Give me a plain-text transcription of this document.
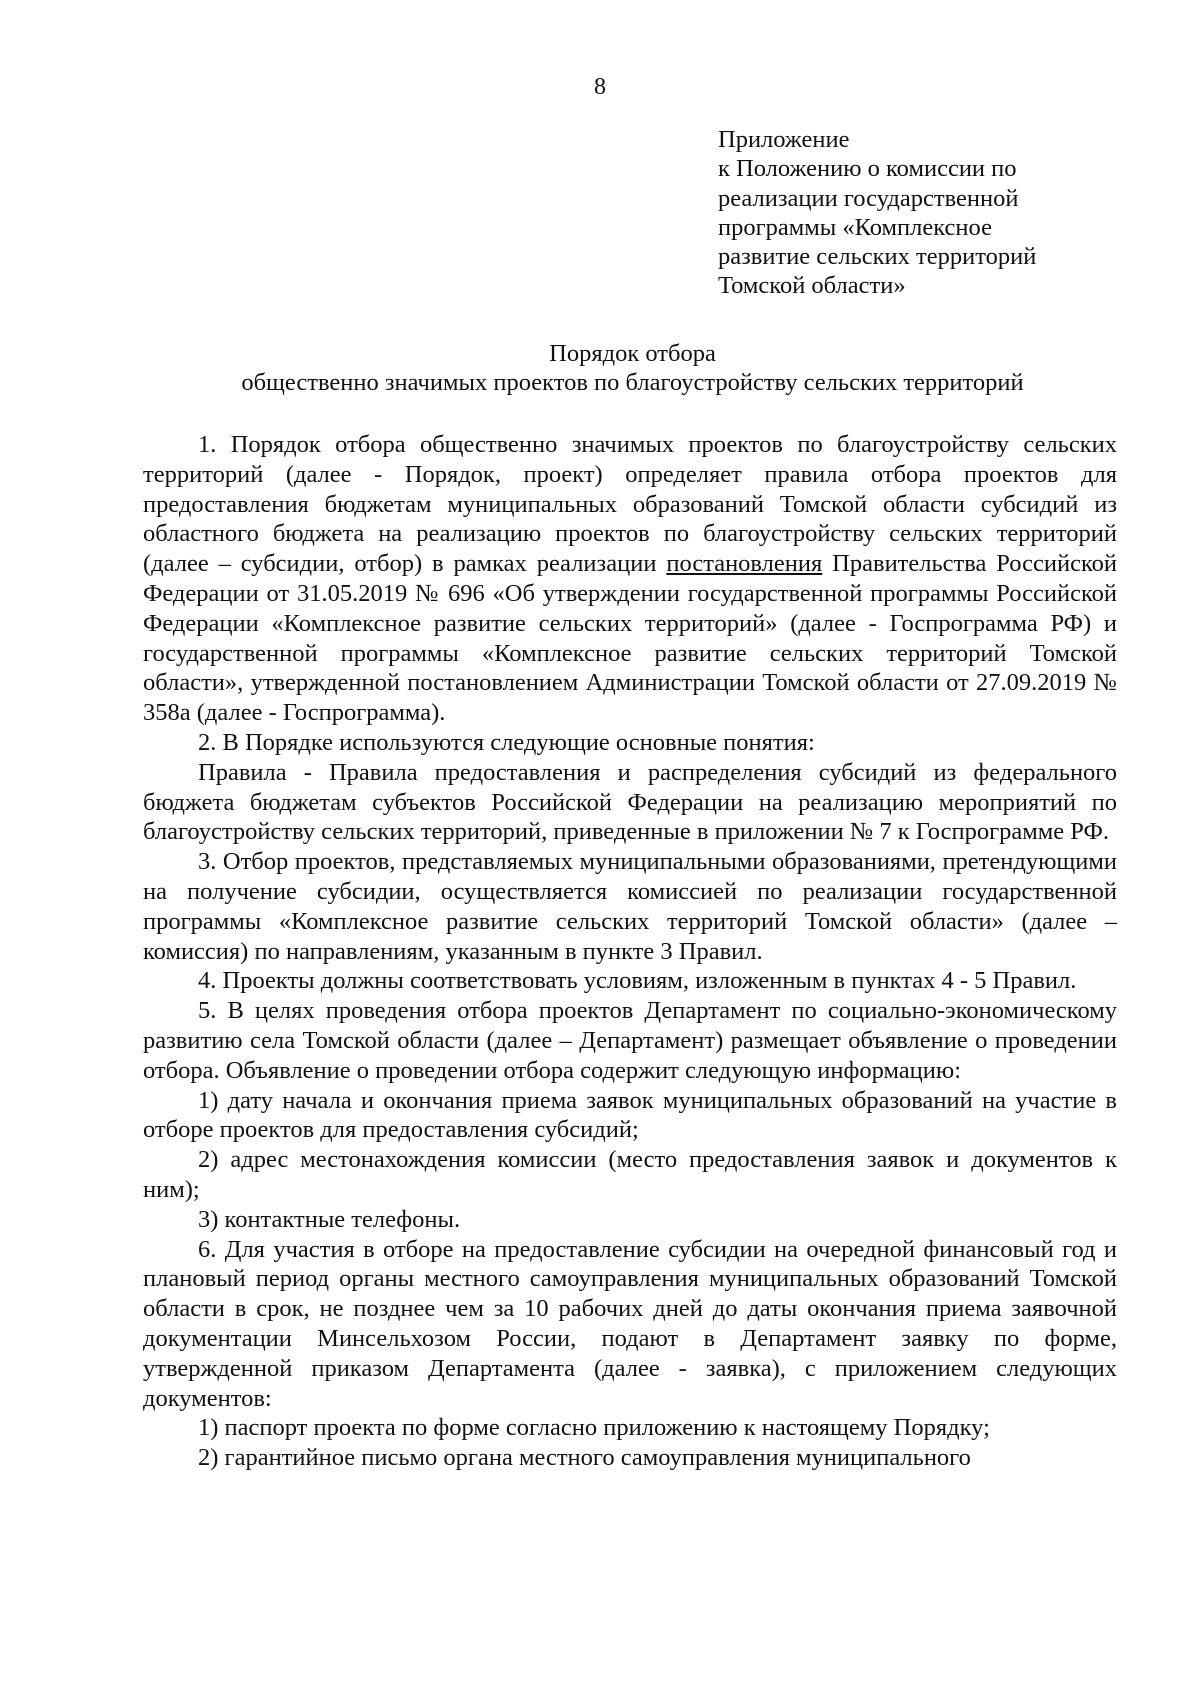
8
Приложение
к Положению о комиссии по
реализации государственной
программы «Комплексное
развитие сельских территорий
Томской области»
Порядок отбора
общественно значимых проектов по благоустройству сельских территорий

1. Порядок отбора общественно значимых проектов по благоустройству сельских территорий (далее - Порядок, проект) определяет правила отбора проектов для предоставления бюджетам муниципальных образований Томской области субсидий из областного бюджета на реализацию проектов по благоустройству сельских территорий (далее – субсидии, отбор) в рамках реализации постановления Правительства Российской Федерации от 31.05.2019 № 696 «Об утверждении государственной программы Российской Федерации «Комплексное развитие сельских территорий» (далее - Госпрограмма РФ) и государственной программы «Комплексное развитие сельских территорий Томской области», утвержденной постановлением Администрации Томской области от 27.09.2019 № 358а (далее - Госпрограмма).

2. В Порядке используются следующие основные понятия:

Правила - Правила предоставления и распределения субсидий из федерального бюджета бюджетам субъектов Российской Федерации на реализацию мероприятий по благоустройству сельских территорий, приведенные в приложении № 7 к Госпрограмме РФ.

3. Отбор проектов, представляемых муниципальными образованиями, претендующими на получение субсидии, осуществляется комиссией по реализации государственной программы «Комплексное развитие сельских территорий Томской области» (далее – комиссия) по направлениям, указанным в пункте 3 Правил.

4. Проекты должны соответствовать условиям, изложенным в пунктах 4 - 5 Правил.

5. В целях проведения отбора проектов Департамент по социально-экономическому развитию села Томской области (далее – Департамент) размещает объявление о проведении отбора. Объявление о проведении отбора содержит следующую информацию:

1) дату начала и окончания приема заявок муниципальных образований на участие в отборе проектов для предоставления субсидий;

2) адрес местонахождения комиссии (место предоставления заявок и документов к ним);

3) контактные телефоны.

6. Для участия в отборе на предоставление субсидии на очередной финансовый год и плановый период органы местного самоуправления муниципальных образований Томской области в срок, не позднее чем за 10 рабочих дней до даты окончания приема заявочной документации Минсельхозом России, подают в Департамент заявку по форме, утвержденной приказом Департамента (далее - заявка), с приложением следующих документов:

1) паспорт проекта по форме согласно приложению к настоящему Порядку;

2) гарантийное письмо органа местного самоуправления муниципального
